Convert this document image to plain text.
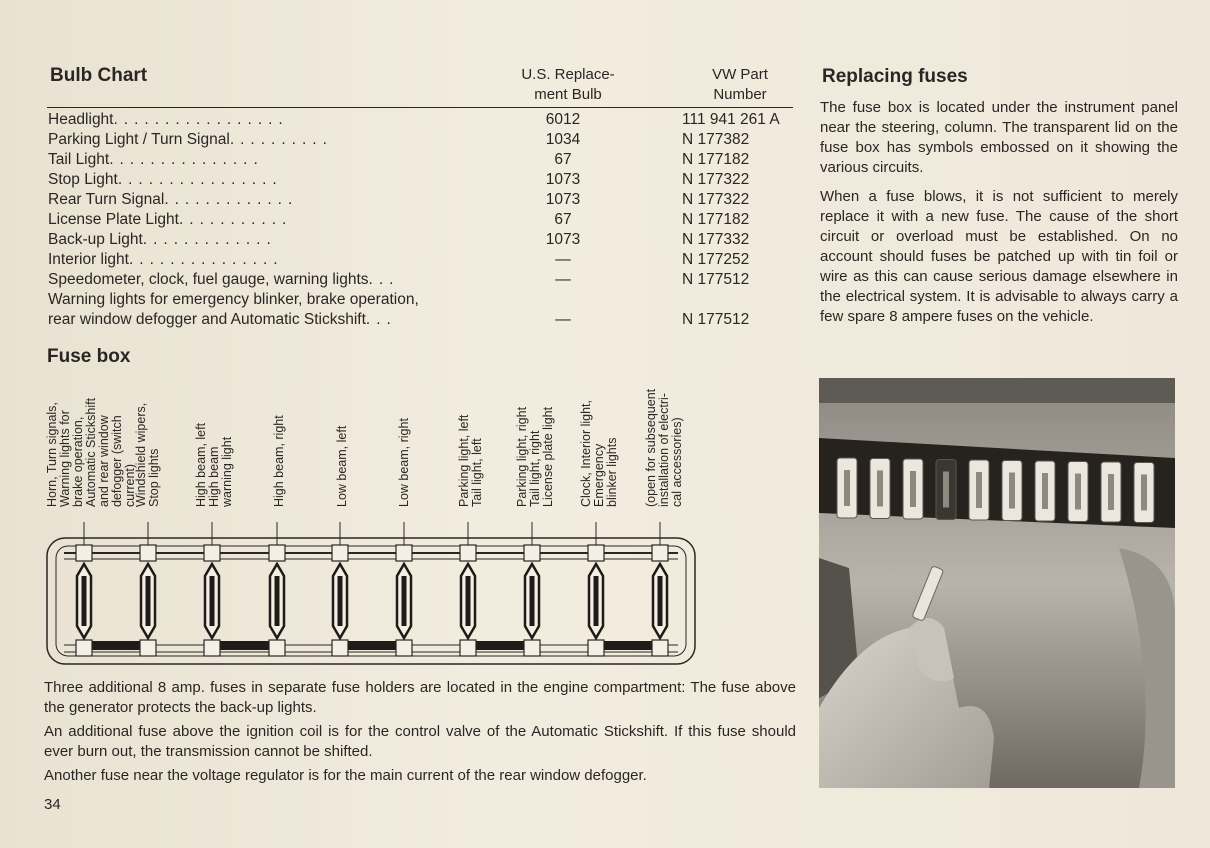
Bulb Chart	U.S. Replace-
ment Bulb
VW Part
Number
Headlight.................	6012	111 941 261 A
Parking Light / Turn Signal..........	1034	N 177382
Tail Light...............	67	N 177182
Stop Light................	1073	N 177322
Rear Turn Signal.............	1073	N 177322
License Plate Light...........	67	N 177182
Back-up Light.............	1073	N 177332
Interior light...............	—	N 177252
Speedometer, clock, fuel gauge, warning lights...	—	N 177512
Warning lights for emergency blinker, brake operation,
rear window defogger and Automatic Stickshift...	—	N 177512
Fuse box
Horn, Turn signals, Warning lights for brake operation, Automatic Stickshift and rear window defogger (switch current)
Windshield wipers, Stop lights	High beam, left High beam warning light	High beam, right	Low beam, left	Low beam, right	Parking light, left Tail light, left Parking light, right Tail light, right License plate light Clock, Interior light, Emergency blinker lights (open for subsequent installation of electri- cal accessories)
Three additional 8 amp. fuses in separate fuse holders are located in the engine compartment: The fuse above the generator protects the back-up lights.
An additional fuse above the ignition coil is for the control valve of the Automatic Stickshift. If this fuse should ever burn out, the transmission cannot be shifted.
Another fuse near the voltage regulator is for the main current of the rear window defogger.
34
Replacing fuses
The fuse box is located under the instrument panel near the steering, column. The transparent lid on the fuse box has symbols embossed on it showing the various circuits.
When a fuse blows, it is not sufficient to merely replace it with a new fuse. The cause of the short circuit or overload must be established. On no account should fuses be patched up with tin foil or wire as this can cause serious damage elsewhere in the electrical system. It is advisable to always carry a few spare 8 ampere fuses on the vehicle.
